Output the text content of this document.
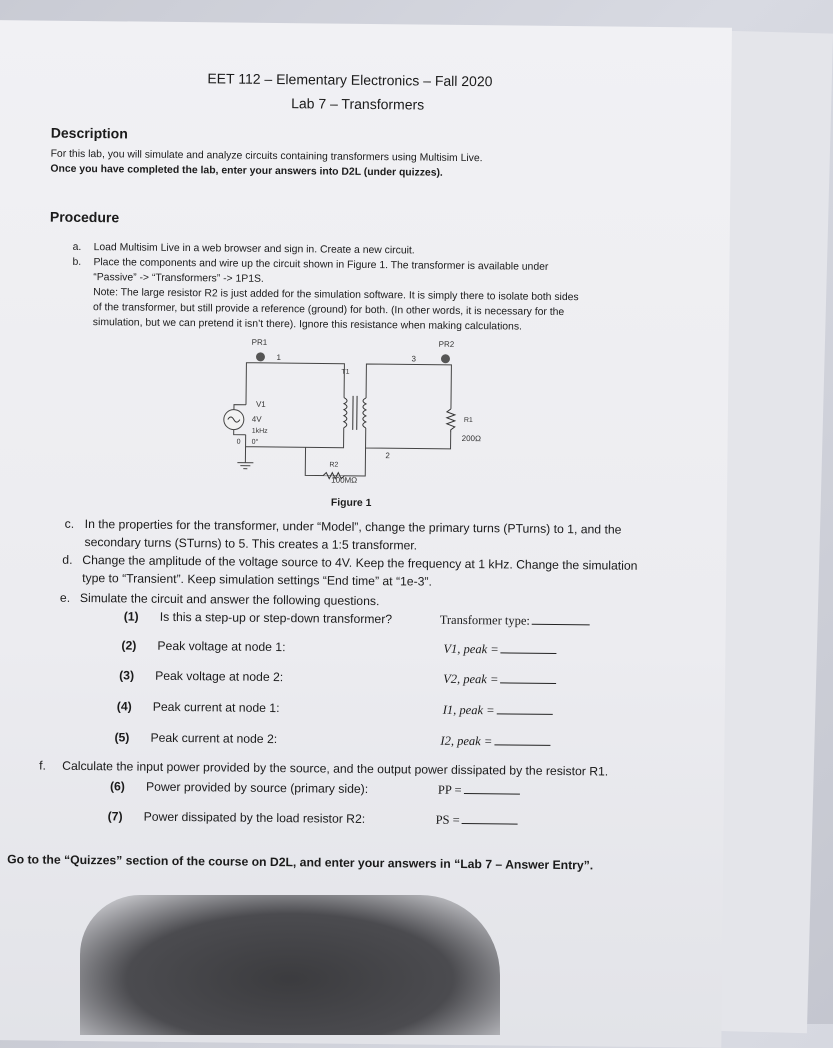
EET 112 – Elementary Electronics – Fall 2020
Lab 7 – Transformers
Description
For this lab, you will simulate and analyze circuits containing transformers using Multisim Live.
Once you have completed the lab, enter your answers into D2L (under quizzes).
Procedure
a. Load Multisim Live in a web browser and sign in. Create a new circuit.
b. Place the components and wire up the circuit shown in Figure 1. The transformer is available under
“Passive” -> “Transformers” -> 1P1S.
Note: The large resistor R2 is just added for the simulation software. It is simply there to isolate both sides
of the transformer, but still provide a reference (ground) for both. (In other words, it is necessary for the
simulation, but we can pretend it isn’t there). Ignore this resistance when making calculations.
PR1	PR2
1	3
T1
V1
4V
1kHz
0 0°
R1
200Ω
2
R2
100MΩ
Figure 1
c. In the properties for the transformer, under “Model”, change the primary turns (PTurns) to 1, and the
secondary turns (STurns) to 5. This creates a 1:5 transformer.
d. Change the amplitude of the voltage source to 4V. Keep the frequency at 1 kHz. Change the simulation
type to “Transient”. Keep simulation settings “End time” at “1e-3”.
e. Simulate the circuit and answer the following questions.
(1) Is this a step-up or step-down transformer?	Transformer type:
(2) Peak voltage at node 1:	V1, peak =
(3) Peak voltage at node 2:	V2, peak =
(4) Peak current at node 1:	I1, peak =
(5) Peak current at node 2:	I2, peak =
f. Calculate the input power provided by the source, and the output power dissipated by the resistor R1.
(6) Power provided by source (primary side):	PP =
(7) Power dissipated by the load resistor R2:	PS =
Go to the “Quizzes” section of the course on D2L, and enter your answers in “Lab 7 – Answer Entry”.
